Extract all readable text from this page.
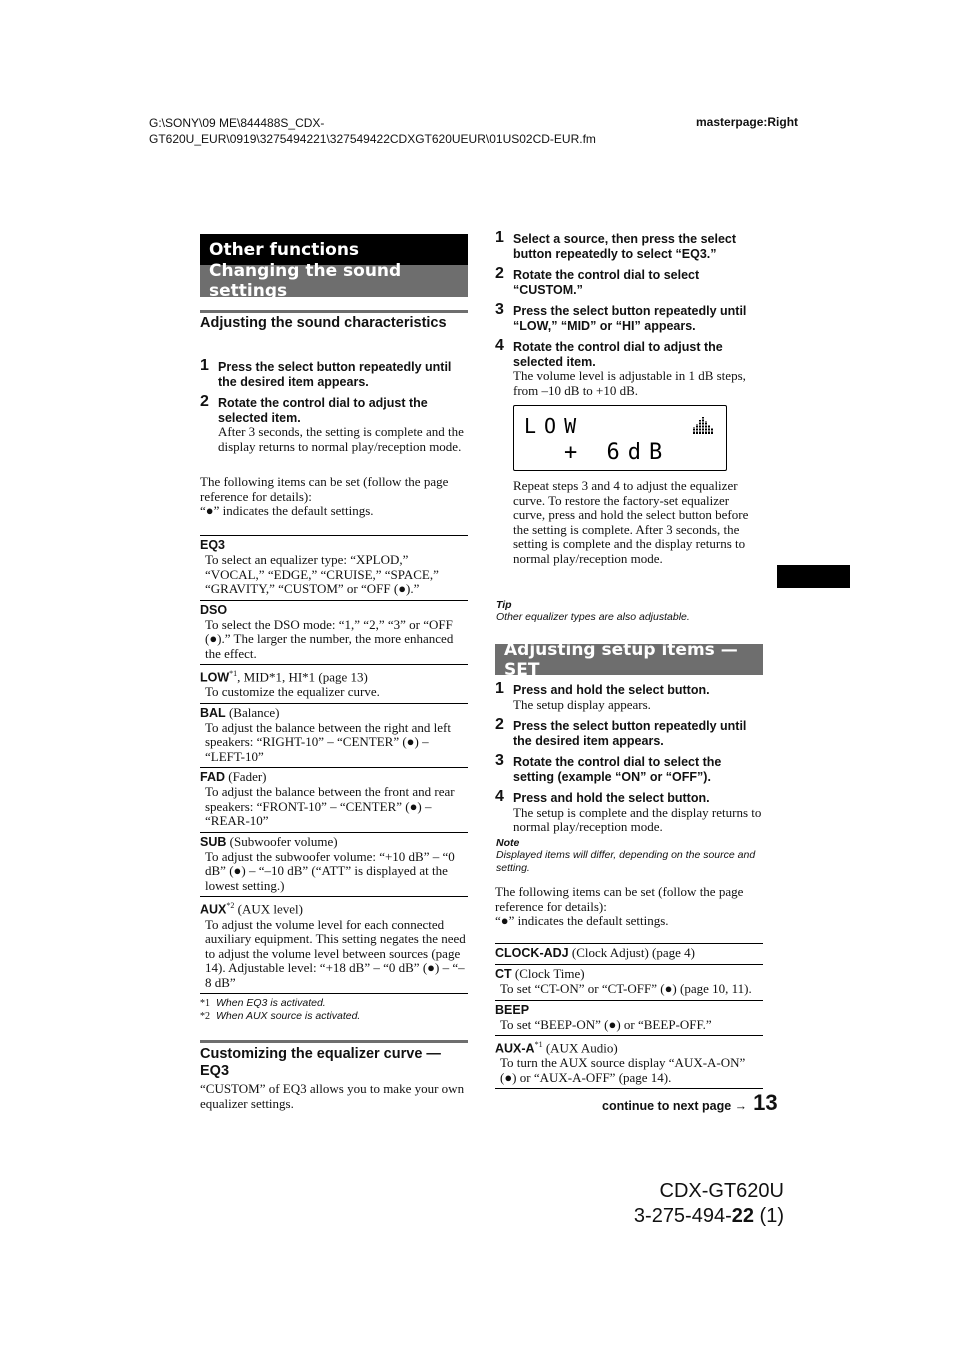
G:\SONY\09 ME\844488S_CDX-
GT620U_EUR\0919\3275494221\327549422CDXGT620UEUR\01US02CD-EUR.fm
masterpage:Right
Other functions
Changing the sound settings
Adjusting the sound characteristics
1 Press the select button repeatedly until the desired item appears.
2 Rotate the control dial to adjust the selected item.
After 3 seconds, the setting is complete and the display returns to normal play/reception mode.
The following items can be set (follow the page reference for details):
“●” indicates the default settings.
EQ3
To select an equalizer type: “XPLOD,” “VOCAL,” “EDGE,” “CRUISE,” “SPACE,” “GRAVITY,” “CUSTOM” or “OFF (●).”
DSO
To select the DSO mode: “1,” “2,” “3” or “OFF (●).” The larger the number, the more enhanced the effect.
LOW$^{*1}$, MID*1, HI*1 (page 13)
To customize the equalizer curve.
BAL (Balance)
To adjust the balance between the right and left speakers: “RIGHT-10” – “CENTER” (●) – “LEFT-10”
FAD (Fader)
To adjust the balance between the front and rear speakers: “FRONT-10” – “CENTER” (●) – “REAR-10”
SUB (Subwoofer volume)
To adjust the subwoofer volume: “+10 dB” – “0 dB” (●) – “–10 dB” (“ATT” is displayed at the lowest setting.)
AUX$^{*2}$ (AUX level)
To adjust the volume level for each connected auxiliary equipment. This setting negates the need to adjust the volume level between sources (page 14). Adjustable level: “+18 dB” – “0 dB” (●) – “–8 dB”
*1 When EQ3 is activated.
*2 When AUX source is activated.
Customizing the equalizer curve — EQ3
“CUSTOM” of EQ3 allows you to make your own equalizer settings.
1 Select a source, then press the select button repeatedly to select “EQ3.”
2 Rotate the control dial to select “CUSTOM.”
3 Press the select button repeatedly until “LOW,” “MID” or “HI” appears.
4 Rotate the control dial to adjust the selected item.
The volume level is adjustable in 1 dB steps, from –10 dB to +10 dB.
LOW
+ 6dB
Repeat steps 3 and 4 to adjust the equalizer curve. To restore the factory-set equalizer curve, press and hold the select button before the setting is complete. After 3 seconds, the setting is complete and the display returns to normal play/reception mode.
Tip
Other equalizer types are also adjustable.
Adjusting setup items — SET
1 Press and hold the select button.
The setup display appears.
2 Press the select button repeatedly until the desired item appears.
3 Rotate the control dial to select the setting (example “ON” or “OFF”).
4 Press and hold the select button.
The setup is complete and the display returns to normal play/reception mode.
Note
Displayed items will differ, depending on the source and setting.
The following items can be set (follow the page reference for details):
“●” indicates the default settings.
CLOCK-ADJ (Clock Adjust) (page 4)
CT (Clock Time)
To set “CT-ON” or “CT-OFF” (●) (page 10, 11).
BEEP
To set “BEEP-ON” (●) or “BEEP-OFF.”
AUX-$A^{*1}$ (AUX Audio)
To turn the AUX source display “AUX-A-ON” (●) or “AUX-A-OFF” (page 14).
continue to next page → 13
CDX-GT620U
3-275-494-22 (1)
